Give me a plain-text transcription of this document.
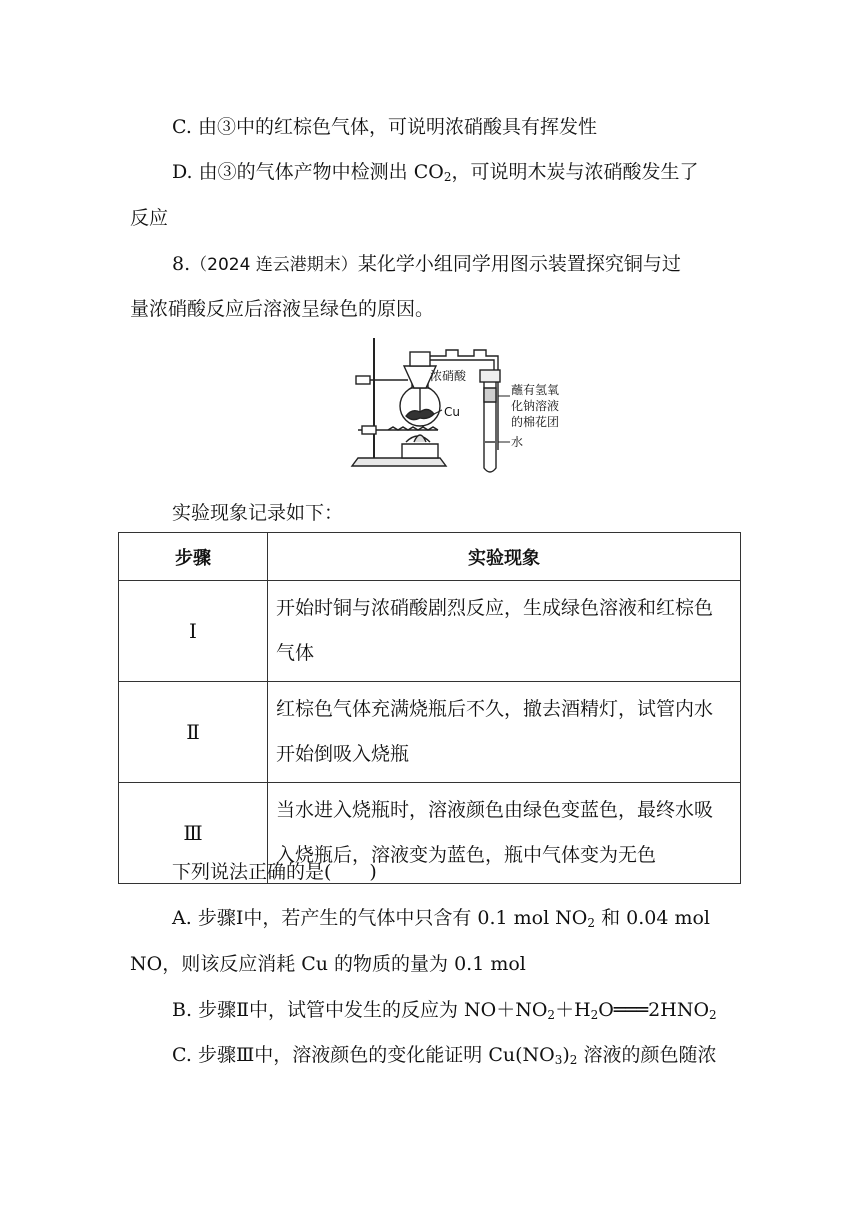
C. 由③中的红棕色气体，可说明浓硝酸具有挥发性
D. 由③的气体产物中检测出 $CO_2$，可说明木炭与浓硝酸发生了
反应
8.（2024 连云港期末）某化学小组同学用图示装置探究铜与过
量浓硝酸反应后溶液呈绿色的原因。
浓硝酸
Cu
蘸有氢氧
化钠溶液
的棉花团
水
实验现象记录如下：
步骤	实验现象
Ⅰ	开始时铜与浓硝酸剧烈反应，生成绿色溶液和红棕色
气体

Ⅱ	红棕色气体充满烧瓶后不久，撤去酒精灯，试管内水
开始倒吸入烧瓶

Ⅲ	当水进入烧瓶时，溶液颜色由绿色变蓝色，最终水吸
入烧瓶后，溶液变为蓝色，瓶中气体变为无色
下列说法正确的是(　　)
A. 步骤Ⅰ中，若产生的气体中只含有 0.1 mol $NO_2$ 和 0.04 mol
NO，则该反应消耗 Cu 的物质的量为 0.1 mol
B. 步骤Ⅱ中，试管中发生的反应为 $NO+NO_2+H_2O═══2HNO_2$
C. 步骤Ⅲ中，溶液颜色的变化能证明 $Cu(NO_3)_2$ 溶液的颜色随浓
